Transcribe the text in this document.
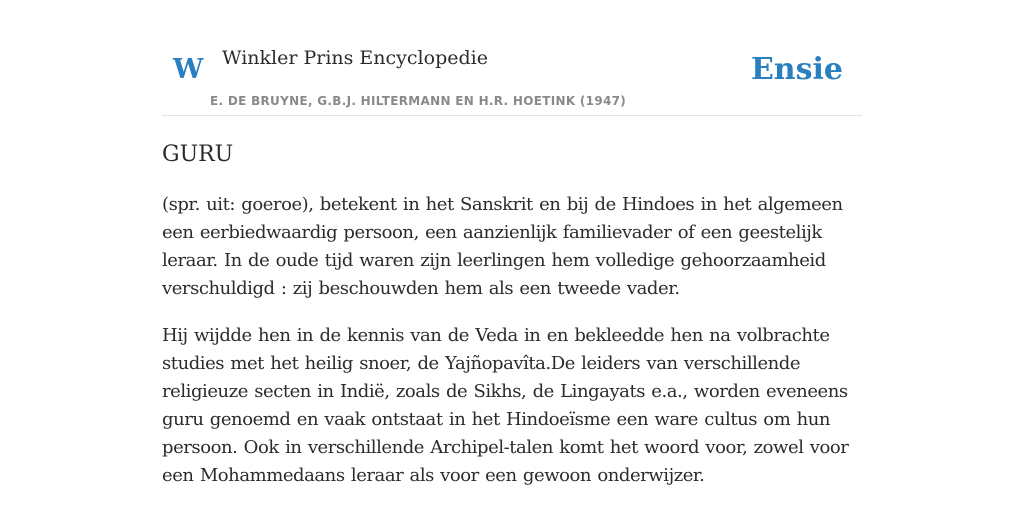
W Winkler Prins Encyclopedie
E. DE BRUYNE, G.B.J. HILTERMANN EN H.R. HOETINK (1947)
Ensie
GURU

(spr. uit: goeroe), betekent in het Sanskrit en bij de Hindoes in het algemeen een eerbiedwaardig persoon, een aanzienlijk familievader of een geestelijk leraar. In de oude tijd waren zijn leerlingen hem volledige gehoorzaamheid verschuldigd : zij beschouwden hem als een tweede vader.

Hij wijdde hen in de kennis van de Veda in en bekleedde hen na volbrachte studies met het heilig snoer, de Yajñopavîta.De leiders van verschillende religieuze secten in Indië, zoals de Sikhs, de Lingayats e.a., worden eveneens guru genoemd en vaak ontstaat in het Hindoeïsme een ware cultus om hun persoon. Ook in verschillende Archipel-talen komt het woord voor, zowel voor een Mohammedaans leraar als voor een gewoon onderwijzer.
